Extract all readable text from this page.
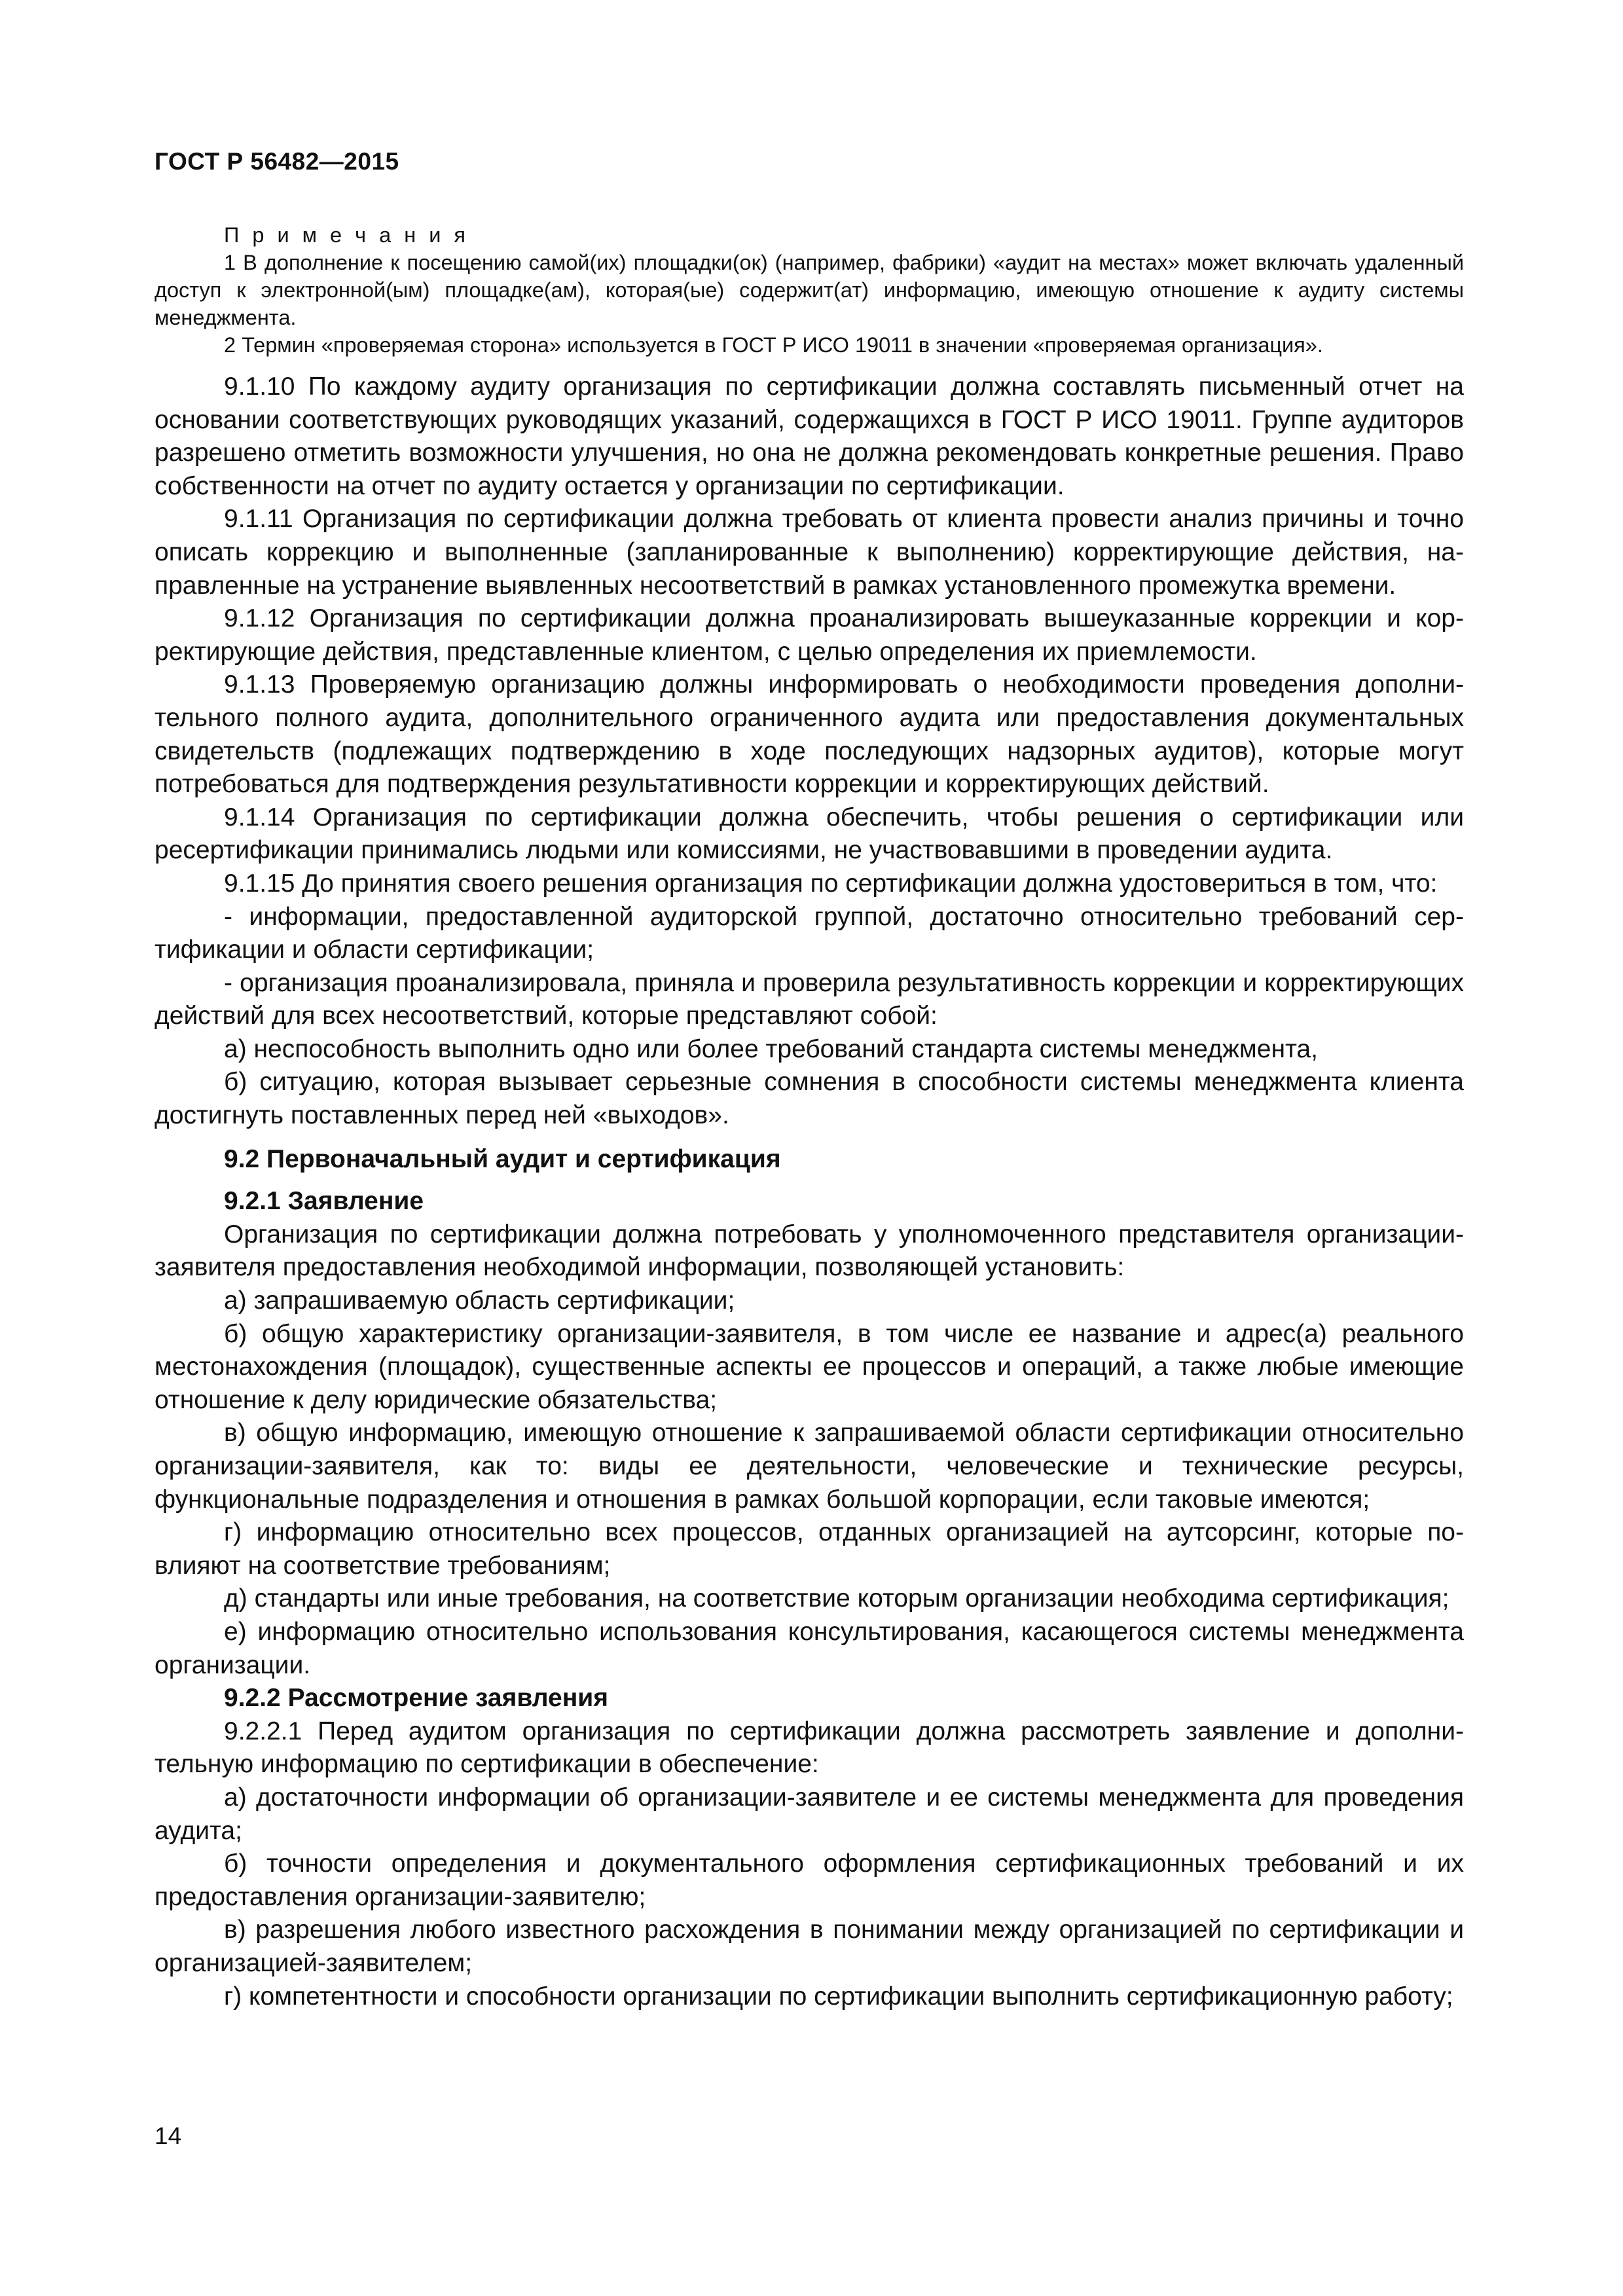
ГОСТ Р 56482—2015

П р и м е ч а н и я

1 В дополнение к посещению самой(их) площадки(ок) (например, фабрики) «аудит на местах» может включать удаленный доступ к электронной(ым) площадке(ам), которая(ые) содержит(ат) информацию, имеющую отношение к аудиту системы менеджмента.

2 Термин «проверяемая сторона» используется в ГОСТ Р ИСО 19011 в значении «проверяемая организация».

9.1.10 По каждому аудиту организация по сертификации должна составлять письменный отчет на основании соответствующих руководящих указаний, содержащихся в ГОСТ Р ИСО 19011. Группе аудиторов разрешено отметить возможности улучшения, но она не должна рекомендовать конкретные решения. Право собственности на отчет по аудиту остается у организации по сертификации.

9.1.11 Организация по сертификации должна требовать от клиента провести анализ причины и точно описать коррекцию и выполненные (запланированные к выполнению) корректирующие действия, направленные на устранение выявленных несоответствий в рамках установленного промежутка времени.

9.1.12 Организация по сертификации должна проанализировать вышеуказанные коррекции и корректирующие действия, представленные клиентом, с целью определения их приемлемости.

9.1.13 Проверяемую организацию должны информировать о необходимости проведения дополнительного полного аудита, дополнительного ограниченного аудита или предоставления документальных свидетельств (подлежащих подтверждению в ходе последующих надзорных аудитов), которые могут потребоваться для подтверждения результативности коррекции и корректирующих действий.

9.1.14 Организация по сертификации должна обеспечить, чтобы решения о сертификации или ресертификации принимались людьми или комиссиями, не участвовавшими в проведении аудита.

9.1.15 До принятия своего решения организация по сертификации должна удостовериться в том, что:

- информации, предоставленной аудиторской группой, достаточно относительно требований сертификации и области сертификации;

- организация проанализировала, приняла и проверила результативность коррекции и корректирующих действий для всех несоответствий, которые представляют собой:

а) неспособность выполнить одно или более требований стандарта системы менеджмента,

б) ситуацию, которая вызывает серьезные сомнения в способности системы менеджмента клиента достигнуть поставленных перед ней «выходов».

9.2 Первоначальный аудит и сертификация

9.2.1 Заявление

Организация по сертификации должна потребовать у уполномоченного представителя организации-заявителя предоставления необходимой информации, позволяющей установить:

а) запрашиваемую область сертификации;

б) общую характеристику организации-заявителя, в том числе ее название и адрес(а) реального местонахождения (площадок), существенные аспекты ее процессов и операций, а также любые имеющие отношение к делу юридические обязательства;

в) общую информацию, имеющую отношение к запрашиваемой области сертификации относительно организации-заявителя, как то: виды ее деятельности, человеческие и технические ресурсы, функциональные подразделения и отношения в рамках большой корпорации, если таковые имеются;

г) информацию относительно всех процессов, отданных организацией на аутсорсинг, которые повлияют на соответствие требованиям;

д) стандарты или иные требования, на соответствие которым организации необходима сертификация;

е) информацию относительно использования консультирования, касающегося системы менеджмента организации.

9.2.2 Рассмотрение заявления

9.2.2.1 Перед аудитом организация по сертификации должна рассмотреть заявление и дополнительную информацию по сертификации в обеспечение:

а) достаточности информации об организации-заявителе и ее системы менеджмента для проведения аудита;

б) точности определения и документального оформления сертификационных требований и их предоставления организации-заявителю;

в) разрешения любого известного расхождения в понимании между организацией по сертификации и организацией-заявителем;

г) компетентности и способности организации по сертификации выполнить сертификационную работу;

14
